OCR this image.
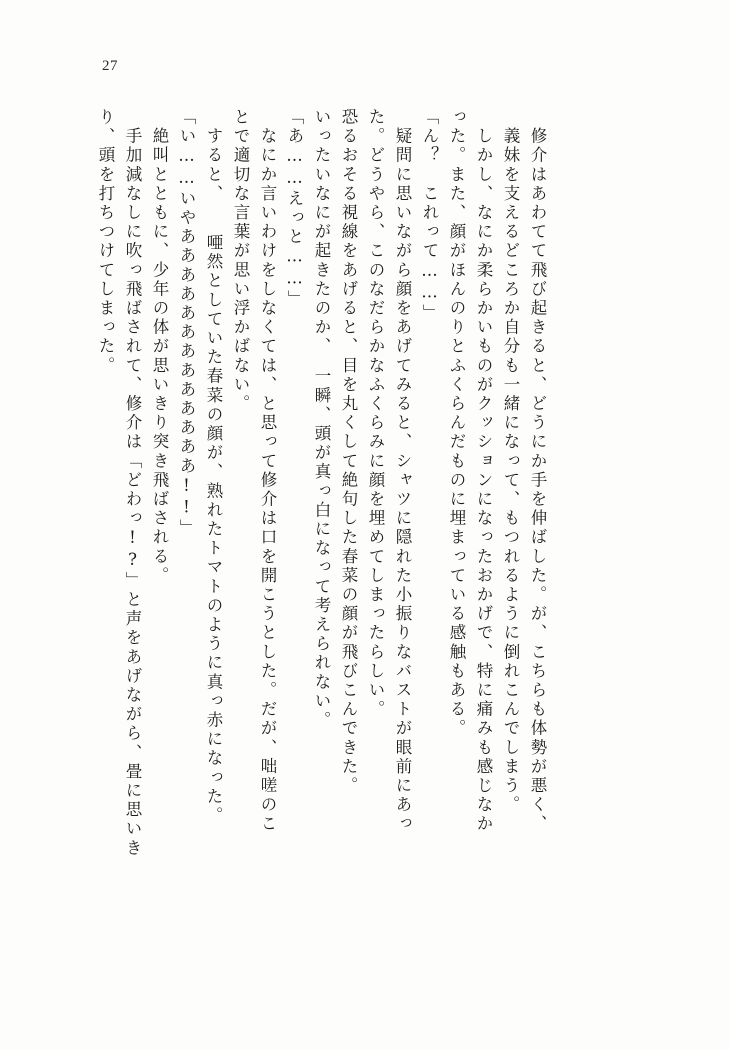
27
り、頭を打ちつけてしまった。 　手加減なしに吹っ飛ばされて、修介は「どわっ!?」と声をあげながら、畳に思いき 　絶叫とともに、少年の体が思いきり突き飛ばされる。 「い……いやあああああああああああああ!!」 　すると、　　唖然としていた春菜の顔が、熟れたトマトのように真っ赤になった。 とで適切な言葉が思い浮かばない。 　なにか言いわけをしなくては、と思って修介は口を開こうとした。だが、咄嗟のこ 「あ……えっと……」 いったいなにが起きたのか、　一瞬、頭が真っ白になって考えられない。 恐るおそる視線をあげると、目を丸くして絶句した春菜の顔が飛びこんできた。 た。どうやら、このなだらかなふくらみに顔を埋めてしまったらしい。 　疑問に思いながら顔をあげてみると、シャツに隠れた小振りなバストが眼前にあっ 「ん？　これって……」 った。また、顔がほんのりとふくらんだものに埋まっている感触もある。 　しかし、なにか柔らかいものがクッションになったおかげで、特に痛みも感じなか 　義妹を支えるどころか自分も一緒になって、もつれるように倒れこんでしまう。 　修介はあわてて飛び起きると、どうにか手を伸ばした。が、こちらも体勢が悪く、
